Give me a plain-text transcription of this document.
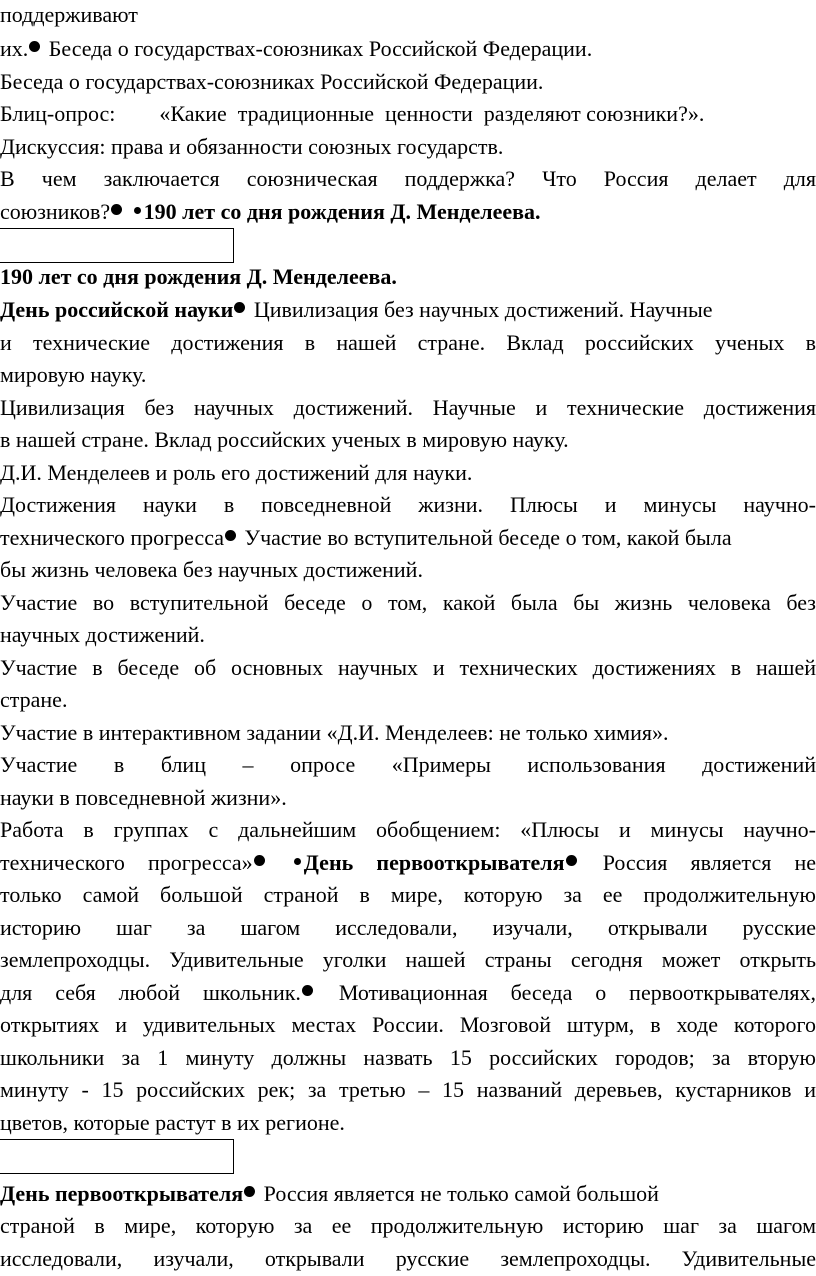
поддерживают
их. Беседа о государствах-союзниках Российской Федерации.
Беседа о государствах-союзниках Российской Федерации.
Блиц-опрос:        «Какие  традиционные  ценности  разделяют союзники?».
Дискуссия: права и обязанности союзных государств.
В чем заключается союзническая поддержка? Что Россия делает для
союзников? 190 лет со дня рождения Д. Менделеева.
190 лет со дня рождения Д. Менделеева.
День российской науки Цивилизация без научных достижений. Научные
и технические достижения в нашей стране. Вклад российских ученых в
мировую науку.
Цивилизация без научных достижений. Научные и технические достижения
в нашей стране. Вклад российских ученых в мировую науку.
Д.И. Менделеев и роль его достижений для науки.
Достижения науки в повседневной жизни. Плюсы и минусы научно-
технического прогресса Участие во вступительной беседе о том, какой была
бы жизнь человека без научных достижений.
Участие во вступительной беседе о том, какой была бы жизнь человека без
научных достижений.
Участие в беседе об основных научных и технических достижениях в нашей
стране.
Участие в интерактивном задании «Д.И. Менделеев: не только химия».
Участие в блиц – опросе «Примеры использования достижений
науки в повседневной жизни».
Работа в группах с дальнейшим обобщением: «Плюсы и минусы научно-
технического прогресса» День первооткрывателя Россия является не
только самой большой страной в мире, которую за ее продолжительную
историю шаг за шагом исследовали, изучали, открывали русские
землепроходцы. Удивительные уголки нашей страны сегодня может открыть
для себя любой школьник. Мотивационная беседа о первооткрывателях,
открытиях и удивительных местах России. Мозговой штурм, в ходе которого
школьники за 1 минуту должны назвать 15 российских городов; за вторую
минуту - 15 российских рек; за третью – 15 названий деревьев, кустарников и
цветов, которые растут в их регионе.
День первооткрывателя Россия является не только самой большой
страной в мире, которую за ее продолжительную историю шаг за шагом
исследовали, изучали, открывали русские землепроходцы. Удивительные
